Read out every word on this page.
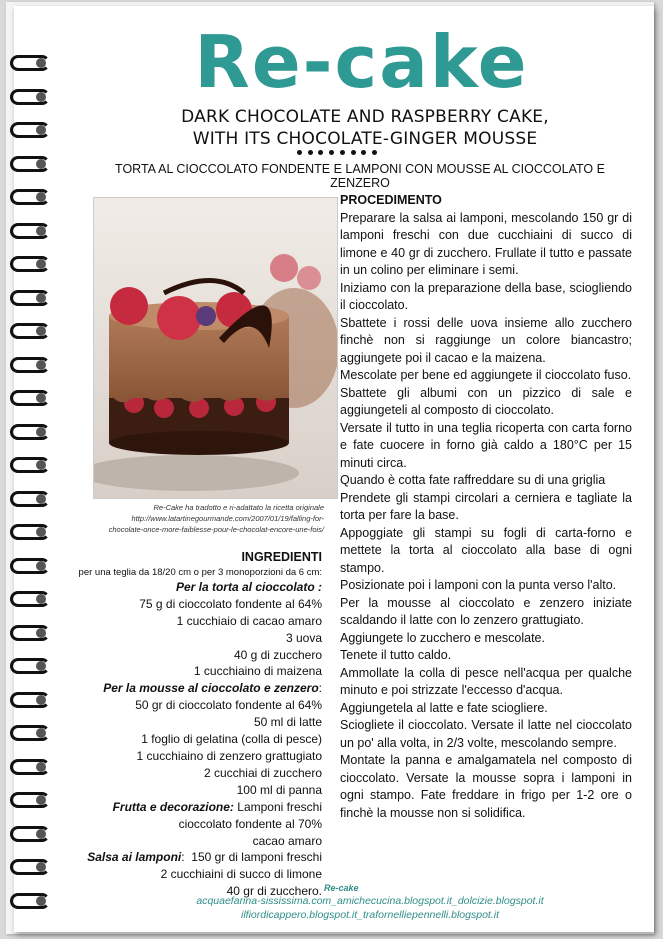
Re-cake
DARK CHOCOLATE AND RASPBERRY CAKE,
WITH ITS CHOCOLATE-GINGER MOUSSE
TORTA AL CIOCCOLATO FONDENTE E LAMPONI CON MOUSSE AL CIOCCOLATO E ZENZERO
Re-Cake ha tradotto e ri-adattato la ricetta originale
http://www.latartinegourmande.com/2007/01/19/falling-for-
chocolate-once-more-faiblesse-pour-le-chocolat-encore-une-fois/
INGREDIENTI
per una teglia da 18/20 cm o per 3 monoporzioni da 6 cm:
Per la torta al cioccolato :
75 g di cioccolato fondente al 64%
1 cucchiaio di cacao amaro
3 uova
40 g di zucchero
1 cucchiaino di maizena
Per la mousse al cioccolato e zenzero:
50 gr di cioccolato fondente al 64%
50 ml di latte
1 foglio di gelatina (colla di pesce)
1 cucchiaino di zenzero grattugiato
2 cucchiai di zucchero
100 ml di panna
Frutta e decorazione: Lamponi freschi
cioccolato fondente al 70%
cacao amaro
Salsa ai lamponi:  150 gr di lamponi freschi
2 cucchiaini di succo di limone
40 gr di zucchero.
PROCEDIMENTO

Preparare la salsa ai lamponi, mescolando 150 gr di lamponi freschi con due cucchiaini di succo di limone e 40 gr di zucchero. Frullate il tutto e passate in un colino per eliminare i semi.

Iniziamo con la preparazione della base, sciogliendo il cioccolato.

Sbattete i rossi delle uova insieme allo zucchero finchè non si raggiunge un colore biancastro; aggiungete poi il cacao e la maizena.

Mescolate per bene ed aggiungete il cioccolato fuso.

Sbattete gli albumi con un pizzico di sale e aggiungeteli al composto di cioccolato.

Versate il tutto in una teglia ricoperta con carta forno e fate cuocere in forno già caldo a 180°C per 15 minuti circa.

Quando è cotta fate raffreddare su di una griglia

Prendete gli stampi circolari a cerniera e tagliate la torta per fare la base.

Appoggiate gli stampi su fogli di carta-forno e mettete la torta al cioccolato alla base di ogni stampo.

Posizionate poi i lamponi con la punta verso l'alto.

Per la mousse al cioccolato e zenzero iniziate scaldando il latte con lo zenzero grattugiato.

Aggiungete lo zucchero e mescolate.

Tenete il tutto caldo.

Ammollate la colla di pesce nell'acqua per qualche minuto e poi strizzate l'eccesso d'acqua.

Aggiungetela al latte e fate sciogliere.

Sciogliete il cioccolato. Versate il latte nel cioccolato un po' alla volta, in 2/3 volte, mescolando sempre.

Montate la panna e amalgamatela nel composto di cioccolato. Versate la mousse sopra i lamponi in ogni stampo. Fate freddare in frigo per 1-2 ore o finchè la mousse non si solidifica.

Re-cake
acquaefarina-sississima.com_amichecucina.blogspot.it_dolcizie.blogspot.it
ilfiordicappero.blogspot.it_trafornelliepennelli.blogspot.it
